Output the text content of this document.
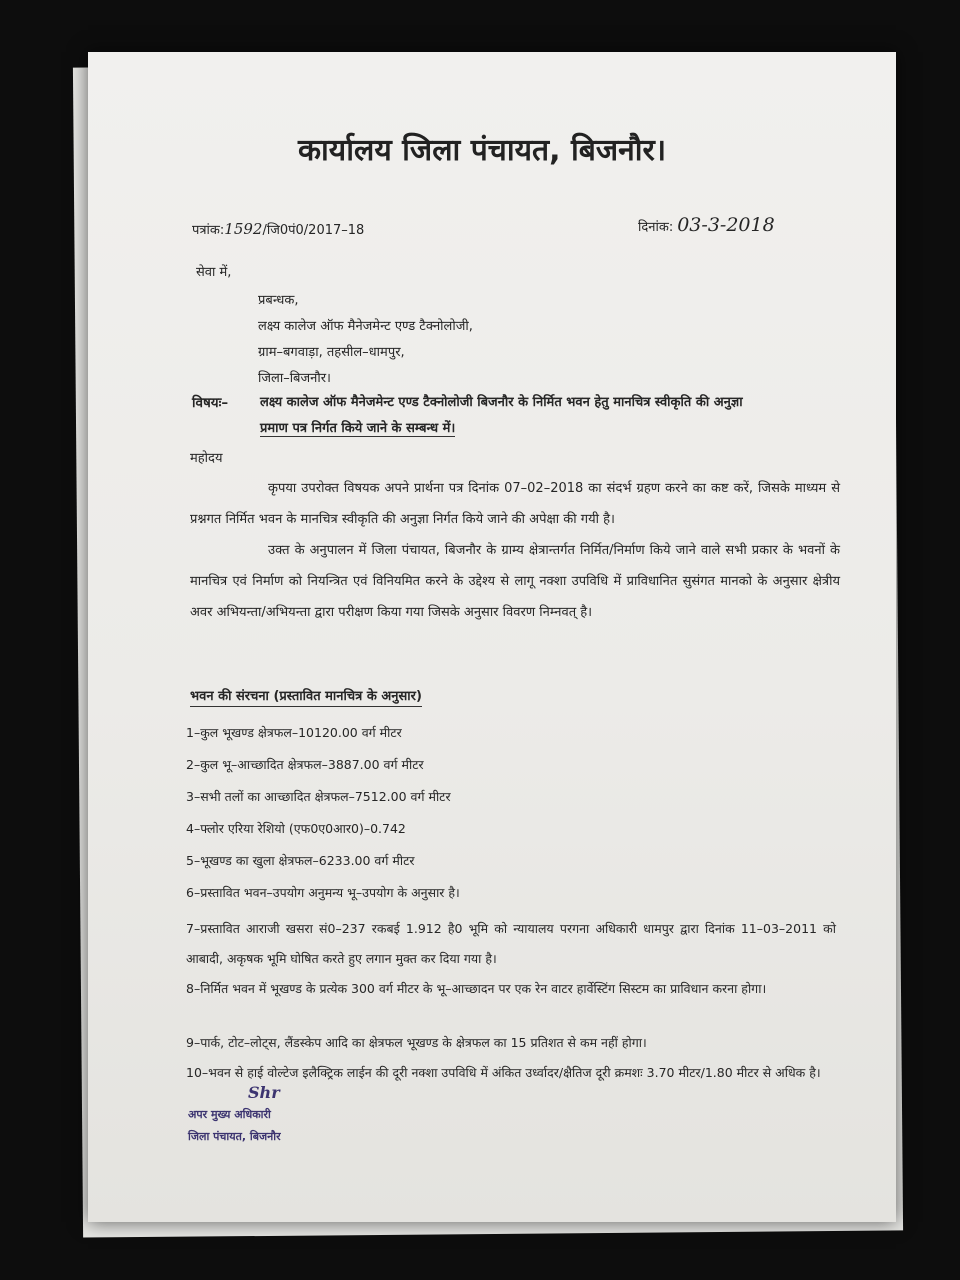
कार्यालय जिला पंचायत, बिजनौर।
पत्रांक:1592/जि0पं0/2017–18	दिनांक: 03-3-2018
सेवा में,
प्रबन्धक,
लक्ष्य कालेज ऑफ मैनेजमेन्ट एण्ड टैक्नोलोजी,
ग्राम–बगवाड़ा, तहसील–धामपुर,
जिला–बिजनौर।
विषयः– लक्ष्य कालेज ऑफ मैनेजमेन्ट एण्ड टैक्नोलोजी बिजनौर के निर्मित भवन हेतु मानचित्र स्वीकृति की अनुज्ञा
प्रमाण पत्र निर्गत किये जाने के सम्बन्ध में।
महोदय
कृपया उपरोक्त विषयक अपने प्रार्थना पत्र दिनांक 07–02–2018 का संदर्भ ग्रहण करने का कष्ट करें, जिसके माध्यम से प्रश्नगत निर्मित भवन के मानचित्र स्वीकृति की अनुज्ञा निर्गत किये जाने की अपेक्षा की गयी है।
उक्त के अनुपालन में जिला पंचायत, बिजनौर के ग्राम्य क्षेत्रान्तर्गत निर्मित/निर्माण किये जाने वाले सभी प्रकार के भवनों के मानचित्र एवं निर्माण को नियन्त्रित एवं विनियमित करने के उद्देश्य से लागू नक्शा उपविधि में प्राविधानित सुसंगत मानको के अनुसार क्षेत्रीय अवर अभियन्ता/अभियन्ता द्वारा परीक्षण किया गया जिसके अनुसार विवरण निम्नवत् है।
भवन की संरचना (प्रस्तावित मानचित्र के अनुसार)
1–कुल भूखण्ड क्षेत्रफल–10120.00 वर्ग मीटर
2–कुल भू–आच्छादित क्षेत्रफल–3887.00 वर्ग मीटर
3–सभी तलों का आच्छादित क्षेत्रफल–7512.00 वर्ग मीटर
4–फ्लोर एरिया रेशियो (एफ0ए0आर0)–0.742
5–भूखण्ड का खुला क्षेत्रफल–6233.00 वर्ग मीटर
6–प्रस्तावित भवन–उपयोग अनुमन्य भू–उपयोग के अनुसार है।
7–प्रस्तावित आराजी खसरा सं0–237 रकबई 1.912 है0 भूमि को न्यायालय परगना अधिकारी धामपुर द्वारा दिनांक 11–03–2011 को आबादी, अकृषक भूमि घोषित करते हुए लगान मुक्त कर दिया गया है।
8–निर्मित भवन में भूखण्ड के प्रत्येक 300 वर्ग मीटर के भू–आच्छादन पर एक रेन वाटर हार्वेस्टिंग सिस्टम का प्राविधान करना होगा।
9–पार्क, टोट–लोट्स, लैंडस्केप आदि का क्षेत्रफल भूखण्ड के क्षेत्रफल का 15 प्रतिशत से कम नहीं होगा।
10–भवन से हाई वोल्टेज इलैक्ट्रिक लाईन की दूरी नक्शा उपविधि में अंकित उर्ध्वादर/क्षैतिज दूरी क्रमशः 3.70 मीटर/1.80 मीटर से अधिक है।
Shr
अपर मुख्य अधिकारी
जिला पंचायत, बिजनौर
